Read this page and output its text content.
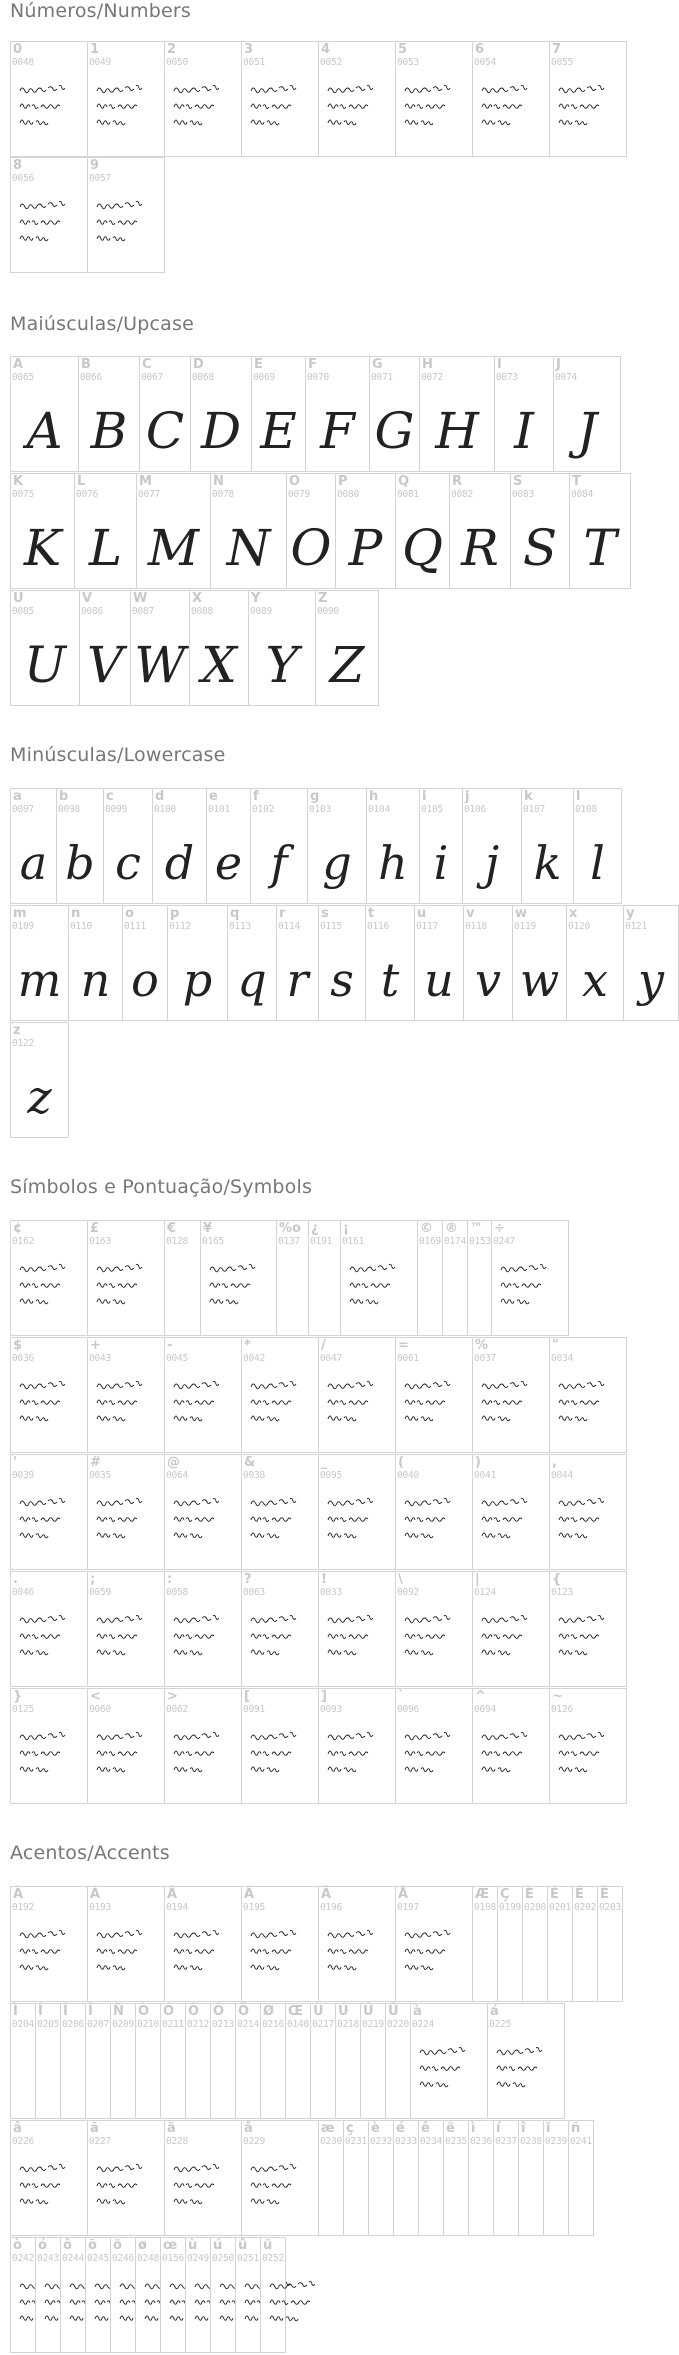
Números/Numbers
Maiúsculas/Upcase
Minúsculas/Lowercase
Símbolos e Pontuação/Symbols
Acentos/Accents
0
0048
1
0049
2
0050
3
0051
4
0052
5
0053
6
0054
7
0055
8
0056
9
0057
A
0065
A
B
0066
B
C
0067
C
D
0068
D
E
0069
E
F
0070
F
G
0071
G
H
0072
H
I
0073
I
J
0074
J
K
0075
K
L
0076
L
M
0077
M
N
0078
N
O
0079
O
P
0080
P
Q
0081
Q
R
0082
R
S
0083
S
T
0084
T
U
0085
U
V
0086
V
W
0087
W
X
0088
X
Y
0089
Y
Z
0090
Z
a
0097
a
b
0098
b
c
0099
c
d
0100
d
e
0101
e
f
0102
f
g
0103
g
h
0104
h
i
0105
i
j
0106
j
k
0107
k
l
0108
l
m
0109
m
n
0110
n
o
0111
o
p
0112
p
q
0113
q
r
0114
r
s
0115
s
t
0116
t
u
0117
u
v
0118
v
w
0119
w
x
0120
x
y
0121
y
z
0122
z
¢
0162
£
0163
€
0128
¥
0165
%o
0137
¿
0191
¡
0161
©
0169
®
0174
™
0153
÷
0247
$
0036
+
0043
-
0045
*
0042
/
0047
=
0061
%
0037
"
0034
'
0039
#
0035
@
0064
&
0038
_
0095
(
0040
)
0041
,
0044
.
0046
;
0059
:
0058
?
0063
!
0033
\
0092
|
0124
{
0123
}
0125
<
0060
>
0062
[
0091
]
0093
`
0096
^
0094
~
0126
À
0192
Á
0193
Â
0194
Ã
0195
Ä
0196
Å
0197
Æ
0198
Ç
0199
È
0200
É
0201
Ê
0202
Ë
0203
Ì
0204
Í
0205
Î
0206
Ï
0207
Ñ
0209
Ò
0210
Ó
0211
Ô
0212
Õ
0213
Ö
0214
Ø
0216
Œ
0140
Ù
0217
Ú
0218
Û
0219
Ü
0220
à
0224
á
0225
â
0226
ã
0227
ä
0228
å
0229
æ
0230
ç
0231
è
0232
é
0233
ê
0234
ë
0235
ì
0236
í
0237
î
0238
ï
0239
ñ
0241
ò
0242
ó
0243
ô
0244
õ
0245
ö
0246
ø
0248
œ
0156
ù
0249
ú
0250
û
0251
ü
0252
